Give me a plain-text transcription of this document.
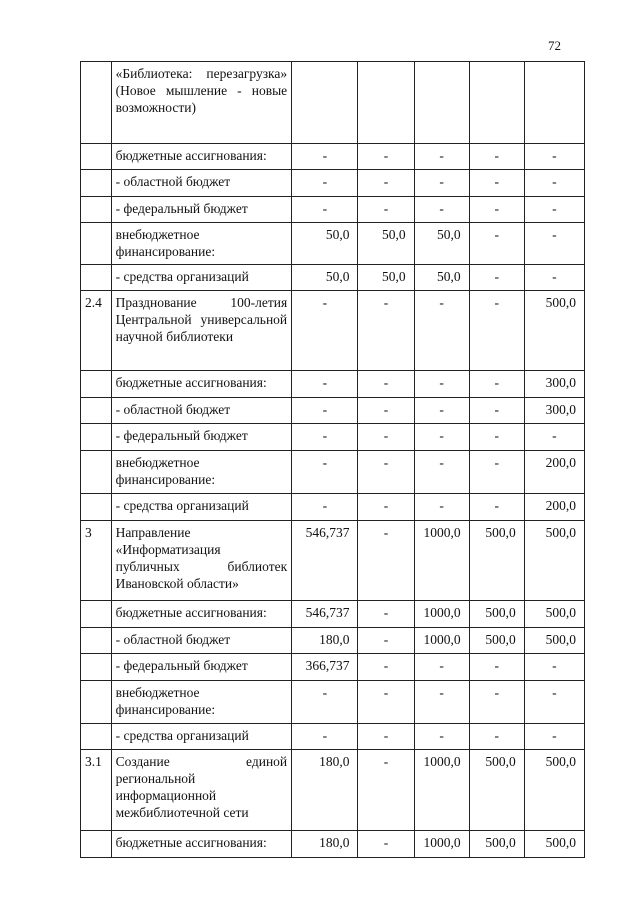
72
	«Библиотека: перезагрузка» (Новое мышление - новые возможности)					
	бюджетные ассигнования:	-	-	-	-	-
	- областной бюджет	-	-	-	-	-
	- федеральный бюджет	-	-	-	-	-
	внебюджетное финансирование:	50,0	50,0	50,0	-	-
	- средства организаций	50,0	50,0	50,0	-	-
2.4	Празднование 100-летия Центральной универсальной научной библиотеки	-	-	-	-	500,0
	бюджетные ассигнования:	-	-	-	-	300,0
	- областной бюджет	-	-	-	-	300,0
	- федеральный бюджет	-	-	-	-	-
	внебюджетное финансирование:	-	-	-	-	200,0
	- средства организаций	-	-	-	-	200,0
3	Направление «Информатизация публичных библиотек Ивановской области»	546,737	-	1000,0	500,0	500,0
	бюджетные ассигнования:	546,737	-	1000,0	500,0	500,0
	- областной бюджет	180,0	-	1000,0	500,0	500,0
	- федеральный бюджет	366,737	-	-	-	-
	внебюджетное финансирование:	-	-	-	-	-
	- средства организаций	-	-	-	-	-
3.1	Создание единой региональной информационной межбиблиотечной сети	180,0	-	1000,0	500,0	500,0
	бюджетные ассигнования:	180,0	-	1000,0	500,0	500,0
